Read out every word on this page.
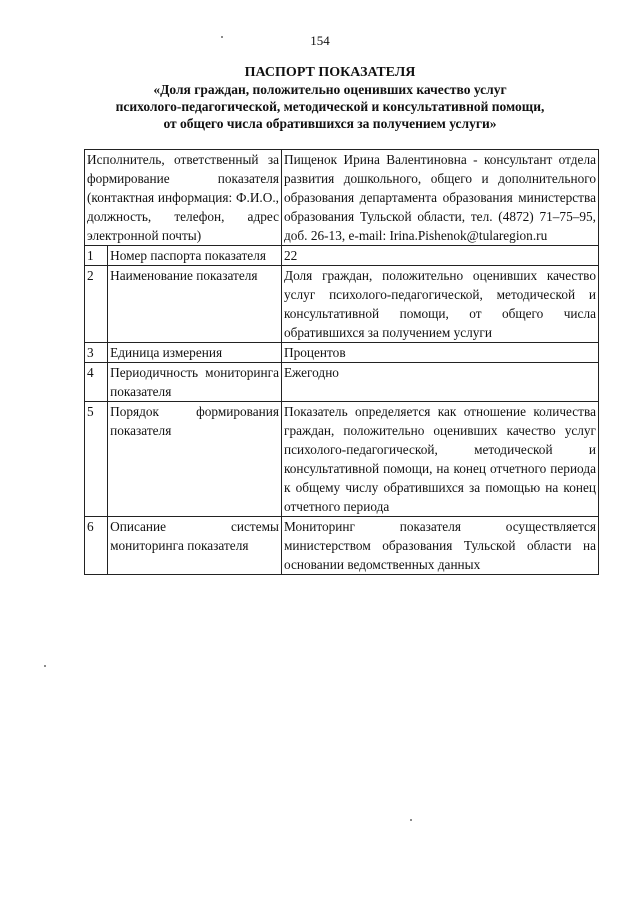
154
ПАСПОРТ ПОКАЗАТЕЛЯ
«Доля граждан, положительно оценивших качество услуг
психолого-педагогической, методической и консультативной помощи,
от общего числа обратившихся за получением услуги»
Исполнитель, ответственный за формирование показателя (контактная информация: Ф.И.О., должность, телефон, адрес электронной почты)		Пищенок Ирина Валентиновна - консультант отдела развития дошкольного, общего и дополнительного образования департамента образования министерства образования Тульской области, тел. (4872) 71–75–95, доб. 26-13, e-mail: Irina.Pishenok@tularegion.ru
1	Номер паспорта показателя	22
2	Наименование показателя	Доля граждан, положительно оценивших качество услуг психолого-педагогической, методической и консультативной помощи, от общего числа обратившихся за получением услуги
3	Единица измерения	Процентов
4	Периодичность мониторинга показателя	Ежегодно
5	Порядок формирования показателя	Показатель определяется как отношение количества граждан, положительно оценивших качество услуг психолого-педагогической, методической и консультативной помощи, на конец отчетного периода к общему числу обратившихся за помощью на конец отчетного периода
6	Описание системы мониторинга показателя	Мониторинг показателя осуществляется министерством образования Тульской области на основании ведомственных данных
